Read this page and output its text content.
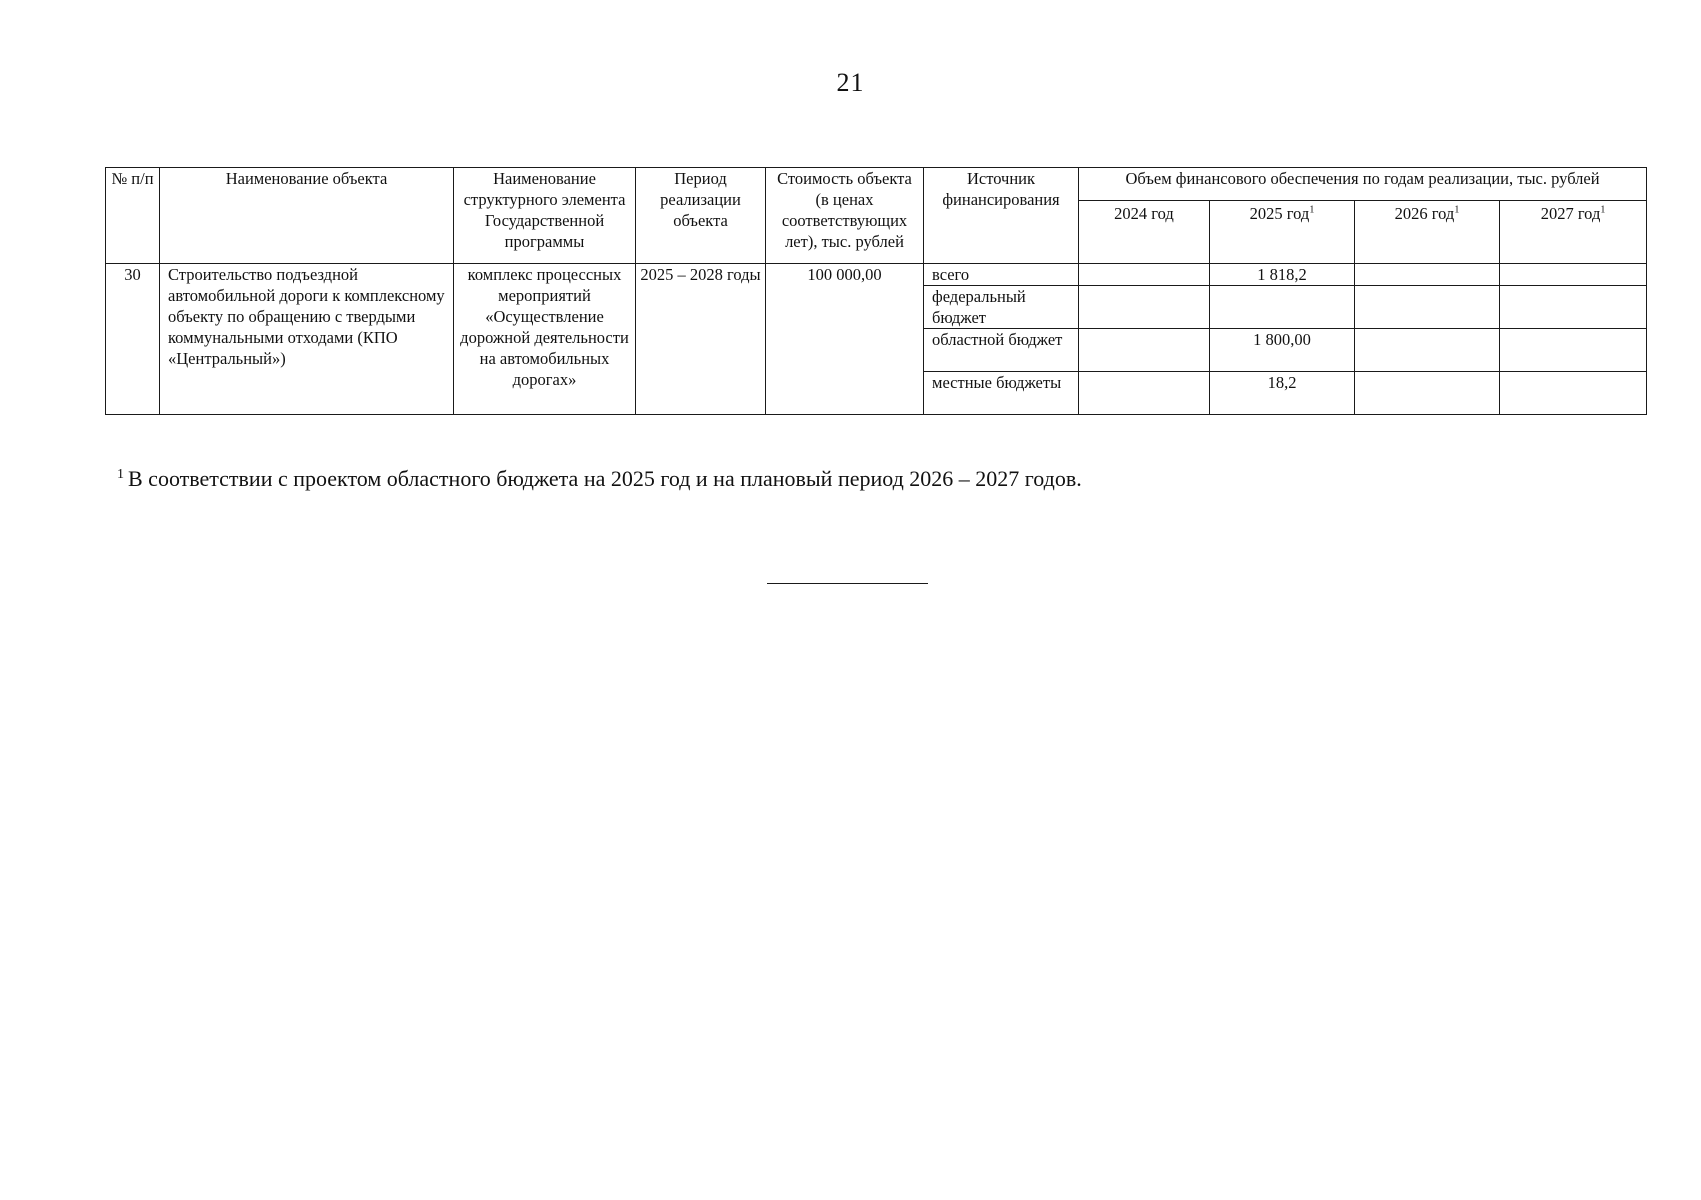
21
№ п/п	Наименование объекта	Наименование структурного элемента Государственной программы	Период реализации объекта	Стоимость объекта (в ценах соответствующих лет), тыс. рублей	Источник финансирования	Объем финансового обеспечения по годам реализации, тыс. рублей			
						2024 год	2025 год$^1$	2026 год$^1$	2027 год$^1$
30	Строительство подъездной автомобильной дороги к комплексному объекту по обращению с твердыми коммунальными отходами (КПО «Центральный»)	комплекс процессных мероприятий «Осуществление дорожной деятельности на автомобильных дорогах»	2025 – 2028 годы	100 000,00	всего		1 818,2		
					федеральный бюджет				
					областной бюджет		1 800,00		
					местные бюджеты		18,2		
$^1$ В соответствии с проектом областного бюджета на 2025 год и на плановый период 2026 – 2027 годов.
